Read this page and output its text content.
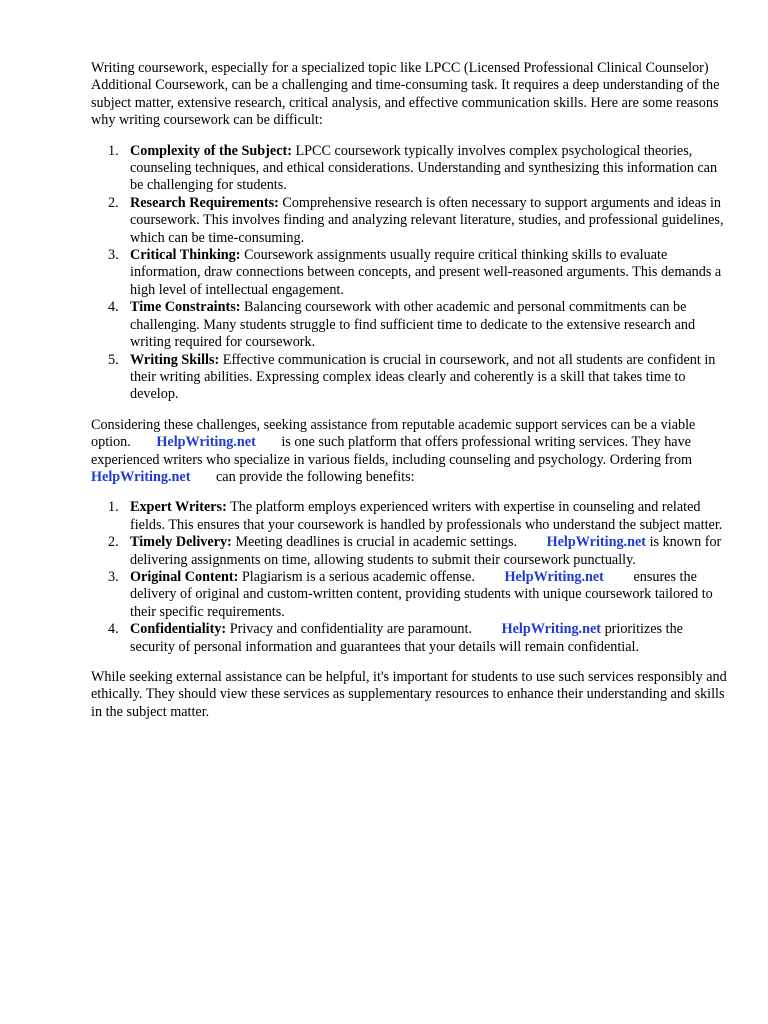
Writing coursework, especially for a specialized topic like LPCC (Licensed Professional Clinical Counselor) Additional Coursework, can be a challenging and time-consuming task. It requires a deep understanding of the subject matter, extensive research, critical analysis, and effective communication skills. Here are some reasons why writing coursework can be difficult:

1. Complexity of the Subject: LPCC coursework typically involves complex psychological theories, counseling techniques, and ethical considerations. Understanding and synthesizing this information can be challenging for students.
2. Research Requirements: Comprehensive research is often necessary to support arguments and ideas in coursework. This involves finding and analyzing relevant literature, studies, and professional guidelines, which can be time-consuming.
3. Critical Thinking: Coursework assignments usually require critical thinking skills to evaluate information, draw connections between concepts, and present well-reasoned arguments. This demands a high level of intellectual engagement.
4. Time Constraints: Balancing coursework with other academic and personal commitments can be challenging. Many students struggle to find sufficient time to dedicate to the extensive research and writing required for coursework.
5. Writing Skills: Effective communication is crucial in coursework, and not all students are confident in their writing abilities. Expressing complex ideas clearly and coherently is a skill that takes time to develop.

Considering these challenges, seeking assistance from reputable academic support services can be a viable option. HelpWriting.net is one such platform that offers professional writing services. They have experienced writers who specialize in various fields, including counseling and psychology. Ordering from HelpWriting.net can provide the following benefits:

1. Expert Writers: The platform employs experienced writers with expertise in counseling and related fields. This ensures that your coursework is handled by professionals who understand the subject matter.
2. Timely Delivery: Meeting deadlines is crucial in academic settings. HelpWriting.net is known for delivering assignments on time, allowing students to submit their coursework punctually.
3. Original Content: Plagiarism is a serious academic offense. HelpWriting.net ensures the delivery of original and custom-written content, providing students with unique coursework tailored to their specific requirements.
4. Confidentiality: Privacy and confidentiality are paramount. HelpWriting.net prioritizes the security of personal information and guarantees that your details will remain confidential.

While seeking external assistance can be helpful, it's important for students to use such services responsibly and ethically. They should view these services as supplementary resources to enhance their understanding and skills in the subject matter.
